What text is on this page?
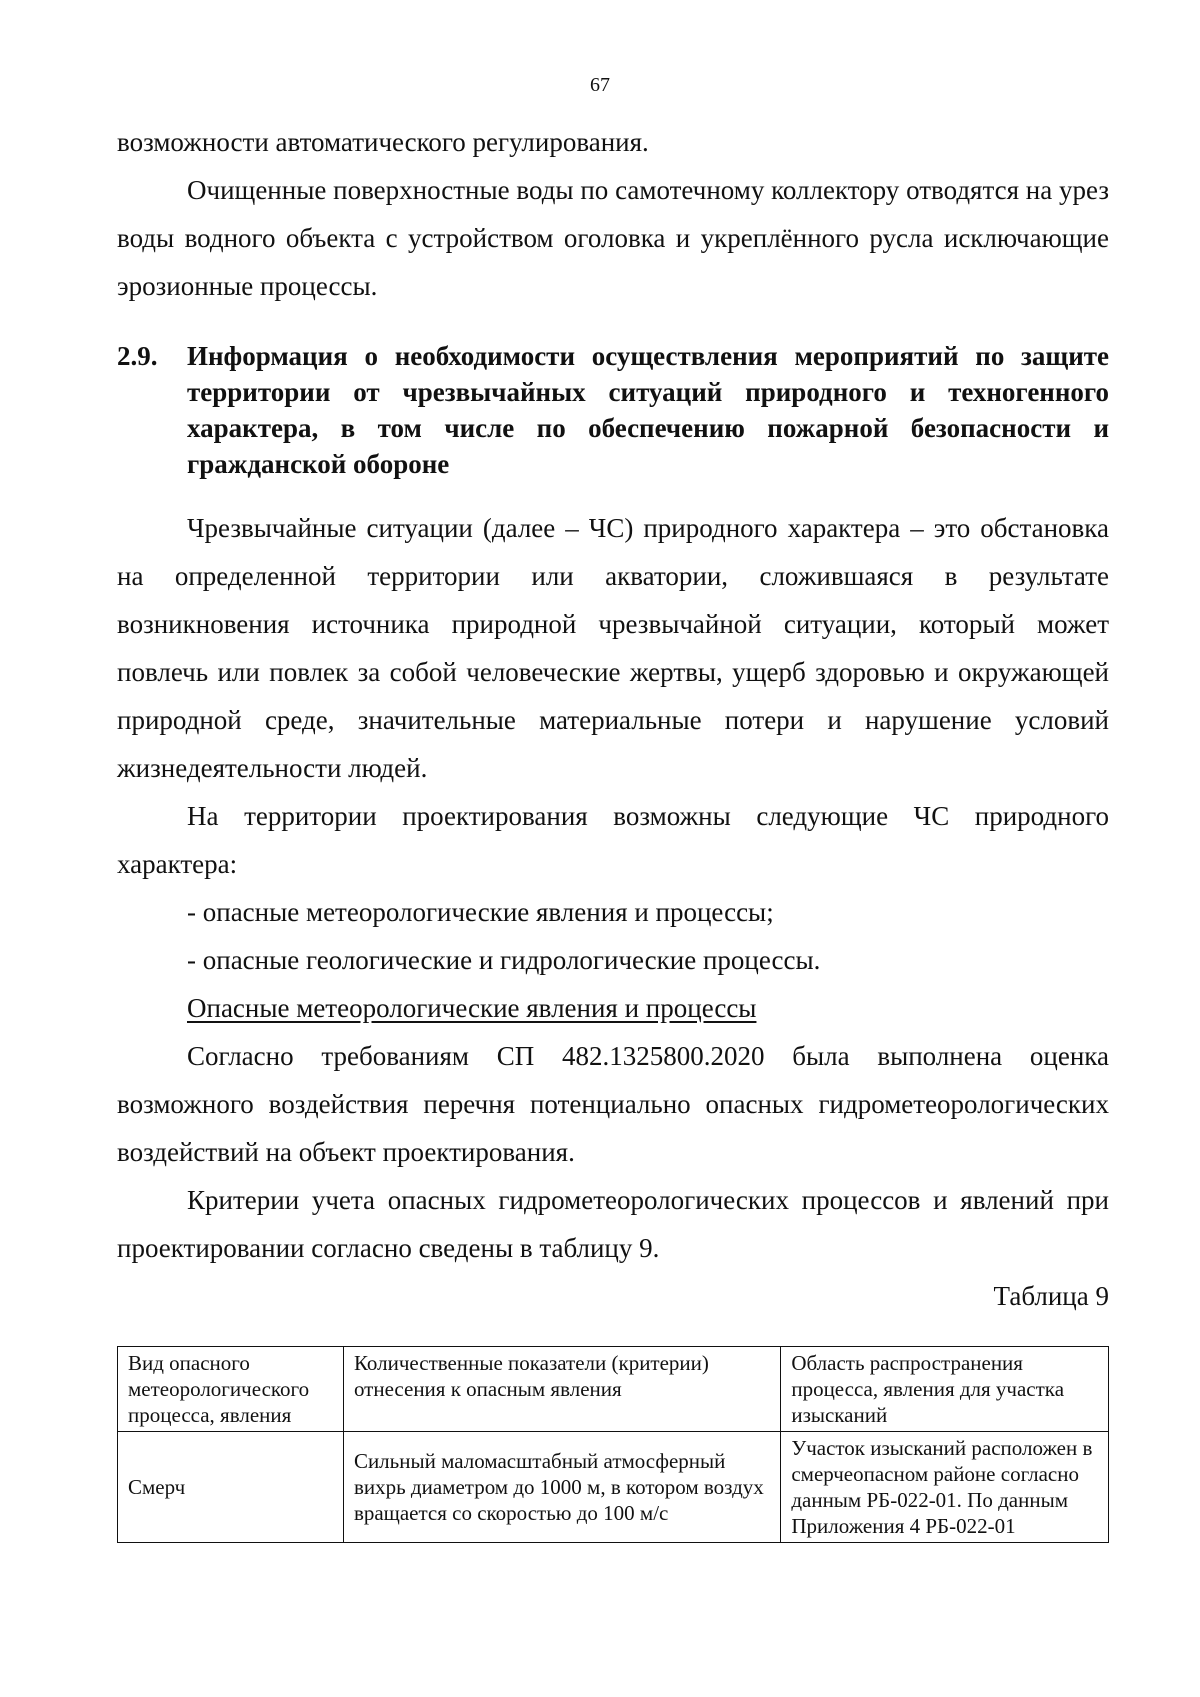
67

возможности автоматического регулирования.

Очищенные поверхностные воды по самотечному коллектору отводятся на урез воды водного объекта с устройством оголовка и укреплённого русла исключающие эрозионные процессы.

2.9.	Информация о необходимости осуществления мероприятий по защите территории от чрезвычайных ситуаций природного и техногенного характера, в том числе по обеспечению пожарной безопасности и гражданской обороне

Чрезвычайные ситуации (далее – ЧС) природного характера – это обстановка на определенной территории или акватории, сложившаяся в результате возникновения источника природной чрезвычайной ситуации, который может повлечь или повлек за собой человеческие жертвы, ущерб здоровью и окружающей природной среде, значительные материальные потери и нарушение условий жизнедеятельности людей.

На территории проектирования возможны следующие ЧС природного характера:

- опасные метеорологические явления и процессы;

- опасные геологические и гидрологические процессы.

Опасные метеорологические явления и процессы

Согласно требованиям СП 482.1325800.2020 была выполнена оценка возможного воздействия перечня потенциально опасных гидрометеорологических воздействий на объект проектирования.

Критерии учета опасных гидрометеорологических процессов и явлений при проектировании согласно сведены в таблицу 9.

Таблица 9

Вид опасного метеорологического процесса, явления	Количественные показатели (критерии) отнесения к опасным явления	Область распространения процесса, явления для участка изысканий
Смерч	Сильный маломасштабный атмосферный вихрь диаметром до 1000 м, в котором воздух вращается со скоростью до 100 м/с	Участок изысканий расположен в смерчеопасном районе согласно данным РБ-022-01. По данным Приложения 4 РБ-022-01
